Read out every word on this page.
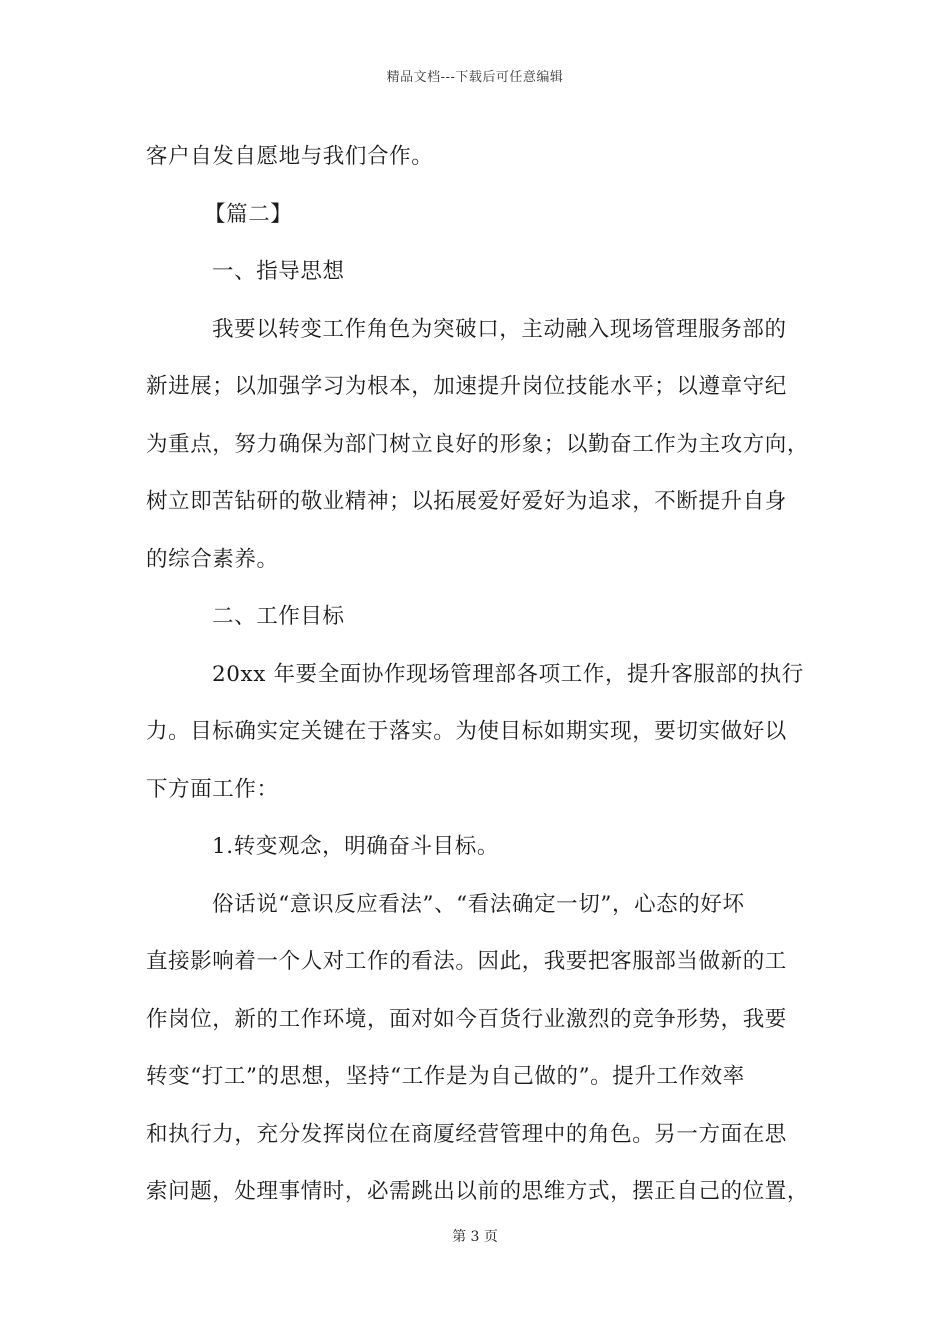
精品文档---下载后可任意编辑
客户自发自愿地与我们合作。
【篇二】
一、指导思想
我要以转变工作角色为突破口，主动融入现场管理服务部的
新进展；以加强学习为根本，加速提升岗位技能水平；以遵章守纪
为重点，努力确保为部门树立良好的形象；以勤奋工作为主攻方向，
树立即苦钻研的敬业精神；以拓展爱好爱好为追求，不断提升自身
的综合素养。
二、工作目标
20xx 年要全面协作现场管理部各项工作，提升客服部的执行
力。目标确实定关键在于落实。为使目标如期实现，要切实做好以
下方面工作：
1.转变观念，明确奋斗目标。
俗话说“意识反应看法”、“看法确定一切”，心态的好坏
直接影响着一个人对工作的看法。因此，我要把客服部当做新的工
作岗位，新的工作环境，面对如今百货行业激烈的竞争形势，我要
转变“打工”的思想，坚持“工作是为自己做的”。提升工作效率
和执行力，充分发挥岗位在商厦经营管理中的角色。另一方面在思
索问题，处理事情时，必需跳出以前的思维方式，摆正自己的位置，
第 3 页
